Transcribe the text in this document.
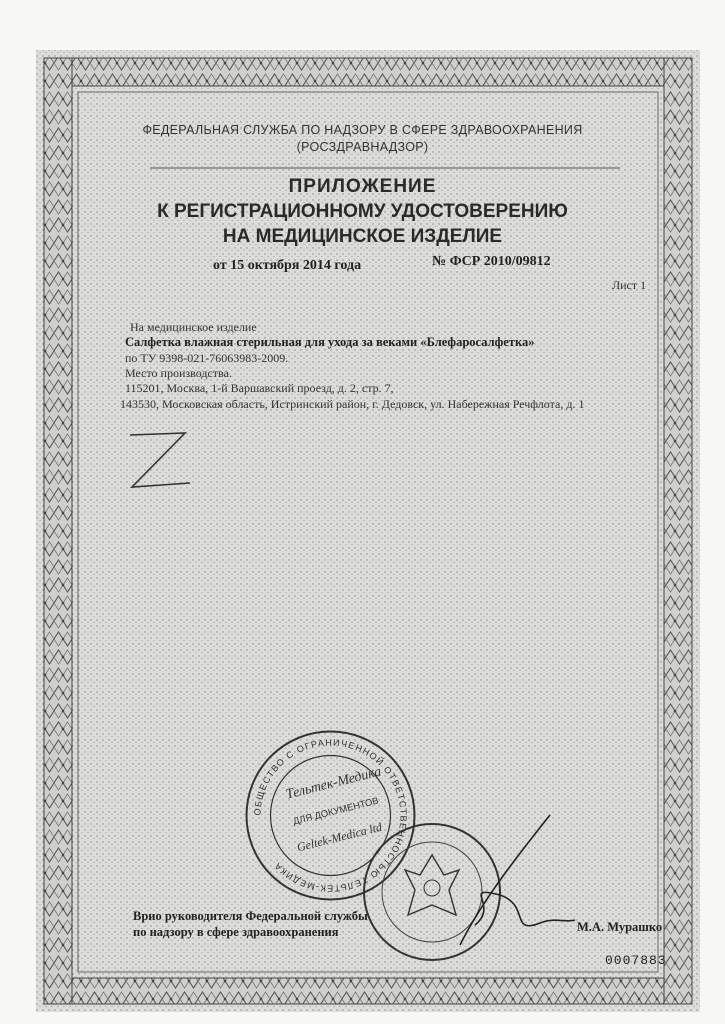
ФЕДЕРАЛЬНАЯ СЛУЖБА ПО НАДЗОРУ В СФЕРЕ ЗДРАВООХРАНЕНИЯ
(РОСЗДРАВНАДЗОР)
ПРИЛОЖЕНИЕ
К РЕГИСТРАЦИОННОМУ УДОСТОВЕРЕНИЮ
НА МЕДИЦИНСКОЕ ИЗДЕЛИЕ
от 15 октября 2014 года	№ ФСР 2010/09812
Лист 1
На медицинское изделие
Салфетка влажная стерильная для ухода за веками «Блефаросалфетка»
по ТУ 9398-021-76063983-2009.
Место производства.
115201, Москва, 1-й Варшавский проезд, д. 2, стр. 7,
143530, Московская область, Истринский район, г. Дедовск, ул. Набережная Речфлота, д. 1
ОБЩЕСТВО С ОГРАНИЧЕННОЙ ОТВЕТСТВЕННОСТЬЮ ТЕЛЬТЕК-МЕДИКА
Тельтек-Медика
ДЛЯ ДОКУМЕНТОВ
Geltek-Medica ltd
Врио руководителя Федеральной службы
по надзору в сфере здравоохранения	М.А. Мурашко
0007883
